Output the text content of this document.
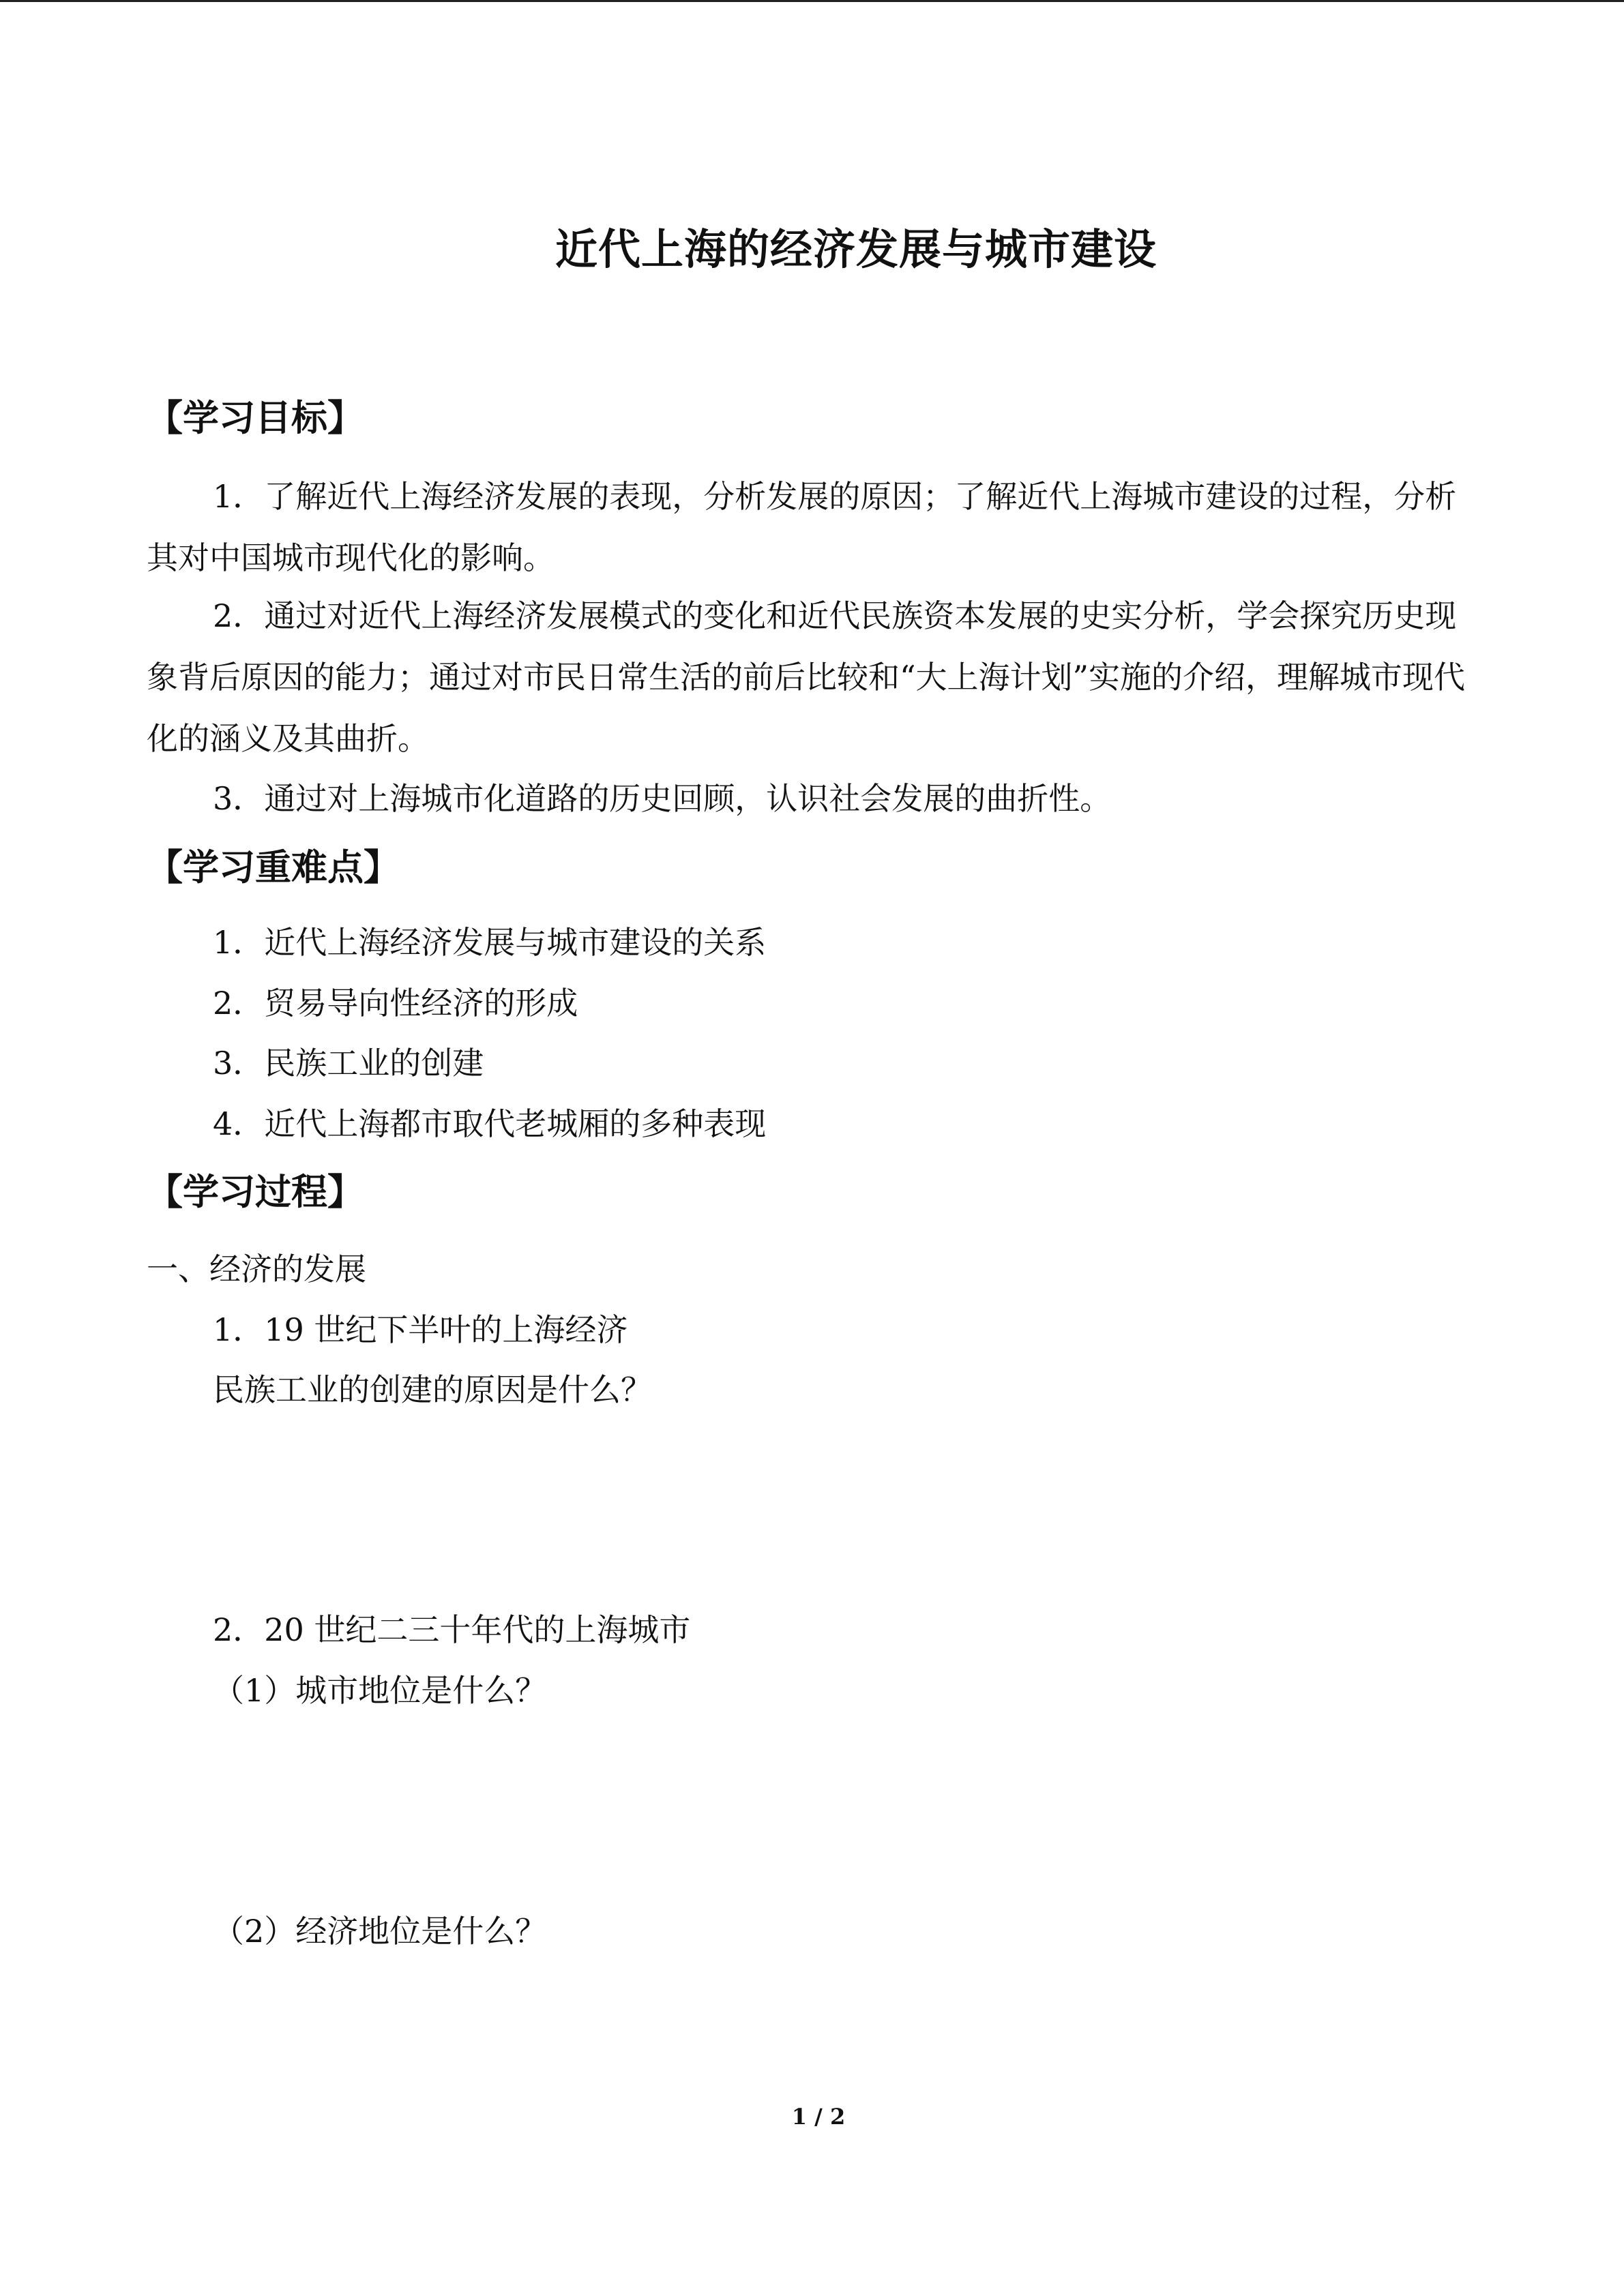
近代上海的经济发展与城市建设
【学习目标】
1．了解近代上海经济发展的表现，分析发展的原因；了解近代上海城市建设的过程，分析其对中国城市现代化的影响。
2．通过对近代上海经济发展模式的变化和近代民族资本发展的史实分析，学会探究历史现象背后原因的能力；通过对市民日常生活的前后比较和“大上海计划”实施的介绍，理解城市现代化的涵义及其曲折。
3．通过对上海城市化道路的历史回顾，认识社会发展的曲折性。
【学习重难点】
1．近代上海经济发展与城市建设的关系
2．贸易导向性经济的形成
3．民族工业的创建
4．近代上海都市取代老城厢的多种表现
【学习过程】
一、经济的发展
1．19 世纪下半叶的上海经济
民族工业的创建的原因是什么？
2．20 世纪二三十年代的上海城市
（1）城市地位是什么？
（2）经济地位是什么？
1 / 2
